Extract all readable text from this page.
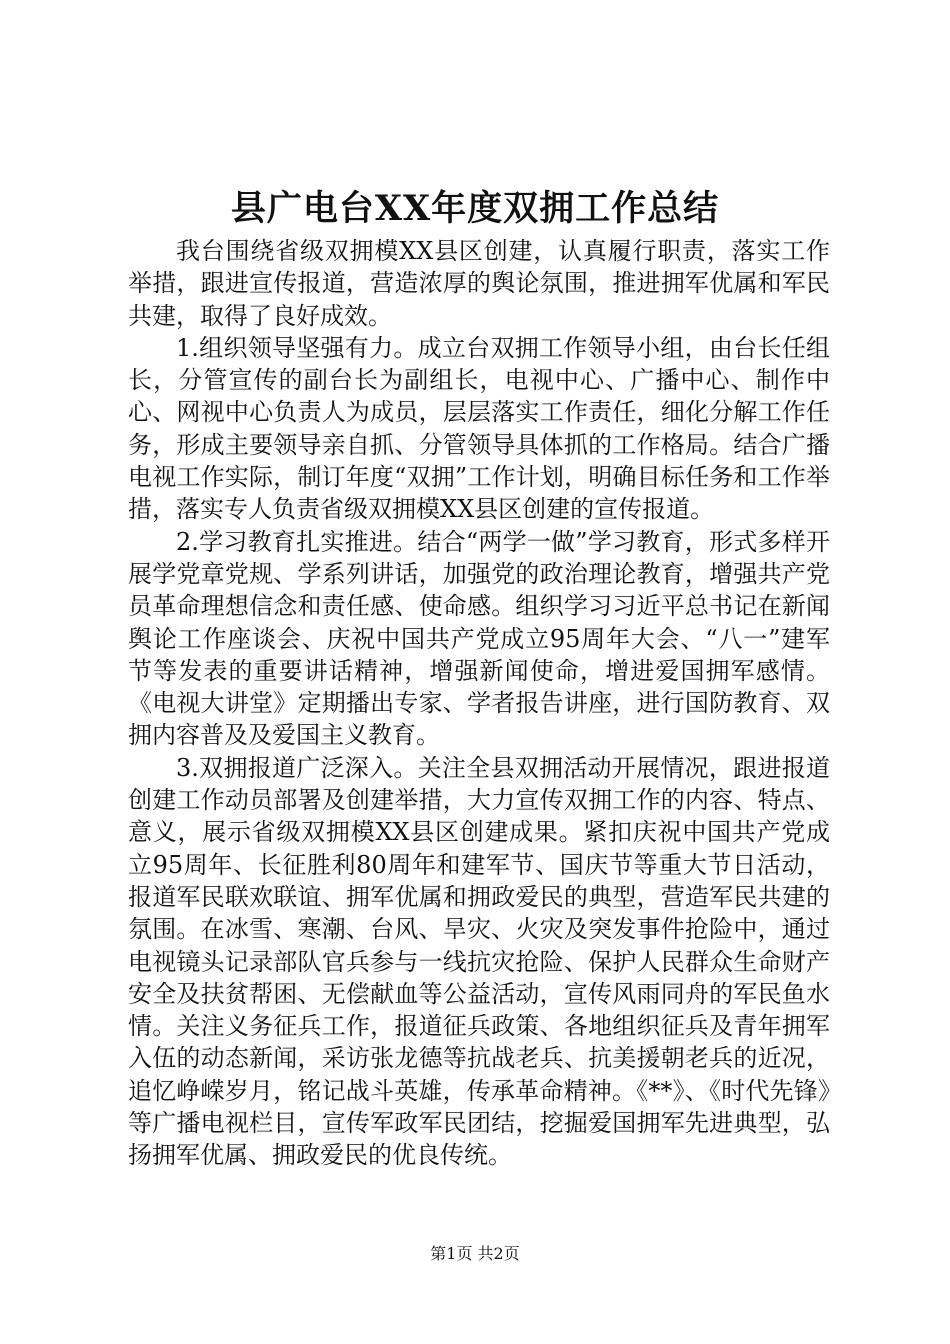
县广电台XX年度双拥工作总结

我台围绕省级双拥模XX县区创建，认真履行职责，落实工作举措，跟进宣传报道，营造浓厚的舆论氛围，推进拥军优属和军民共建，取得了良好成效。

1.组织领导坚强有力。成立台双拥工作领导小组，由台长任组长，分管宣传的副台长为副组长，电视中心、广播中心、制作中心、网视中心负责人为成员，层层落实工作责任，细化分解工作任务，形成主要领导亲自抓、分管领导具体抓的工作格局。结合广播电视工作实际，制订年度“双拥”工作计划，明确目标任务和工作举措，落实专人负责省级双拥模XX县区创建的宣传报道。

2.学习教育扎实推进。结合“两学一做”学习教育，形式多样开展学党章党规、学系列讲话，加强党的政治理论教育，增强共产党员革命理想信念和责任感、使命感。组织学习习近平总书记在新闻舆论工作座谈会、庆祝中国共产党成立95周年大会、“八一”建军节等发表的重要讲话精神，增强新闻使命，增进爱国拥军感情。《电视大讲堂》定期播出专家、学者报告讲座，进行国防教育、双拥内容普及及爱国主义教育。

3.双拥报道广泛深入。关注全县双拥活动开展情况，跟进报道创建工作动员部署及创建举措，大力宣传双拥工作的内容、特点、意义，展示省级双拥模XX县区创建成果。紧扣庆祝中国共产党成立95周年、长征胜利80周年和建军节、国庆节等重大节日活动，报道军民联欢联谊、拥军优属和拥政爱民的典型，营造军民共建的氛围。在冰雪、寒潮、台风、旱灾、火灾及突发事件抢险中，通过电视镜头记录部队官兵参与一线抗灾抢险、保护人民群众生命财产安全及扶贫帮困、无偿献血等公益活动，宣传风雨同舟的军民鱼水情。关注义务征兵工作，报道征兵政策、各地组织征兵及青年拥军入伍的动态新闻，采访张龙德等抗战老兵、抗美援朝老兵的近况，追忆峥嵘岁月，铭记战斗英雄，传承革命精神。《**》、《时代先锋》等广播电视栏目，宣传军政军民团结，挖掘爱国拥军先进典型，弘扬拥军优属、拥政爱民的优良传统。

第1页 共2页
